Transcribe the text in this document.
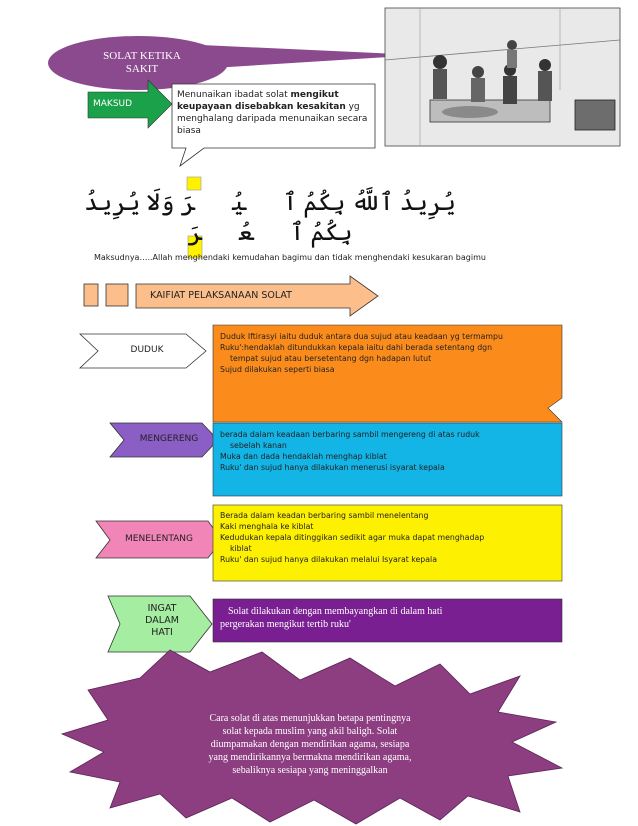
SOLAT KETIKA
SAKIT
MAKSUD
Menunaikan ibadat solat mengikut keupayaan disebabkan kesakitan yg menghalang daripada menunaikan secara biasa
يُرِيدُ ٱللَّهُ بِكُمُ ٱلۡيُسۡرَ وَلَا يُرِيدُ بِكُمُ ٱلۡعُسۡرَ
Maksudnya…..Allah menghendaki kemudahan bagimu dan tidak menghendaki kesukaran bagimu
KAIFIAT PELAKSANAAN SOLAT
DUDUK
Duduk Iftirasyi iaitu duduk antara dua sujud atau keadaan yg termampu
Ruku':hendaklah ditundukkan kepala iaitu dahi berada setentang dgn
tempat sujud atau bersetentang dgn hadapan lutut
Sujud dilakukan seperti biasa
MENGERENG	berada dalam keadaan berbaring sambil mengereng di atas ruduk
sebelah kanan
Muka dan dada hendaklah menghap kiblat
Ruku' dan sujud hanya dilakukan menerusi isyarat kepala
MENELENTANG
Berada dalam keadan berbaring sambil menelentang
Kaki menghala ke kiblat
Kedudukan kepala ditinggikan sedikit agar muka dapat menghadap
kiblat
Ruku' dan sujud hanya dilakukan melalui Isyarat kepala
INGAT
DALAM
HATI
Solat dilakukan dengan membayangkan di dalam hati
pergerakan mengikut tertib ruku'
Cara solat di atas menunjukkan betapa pentingnya
solat kepada muslim yang akil baligh. Solat
diumpamakan dengan mendirikan agama, sesiapa
yang mendirikannya bermakna mendirikan agama,
sebaliknya sesiapa yang meninggalkan
